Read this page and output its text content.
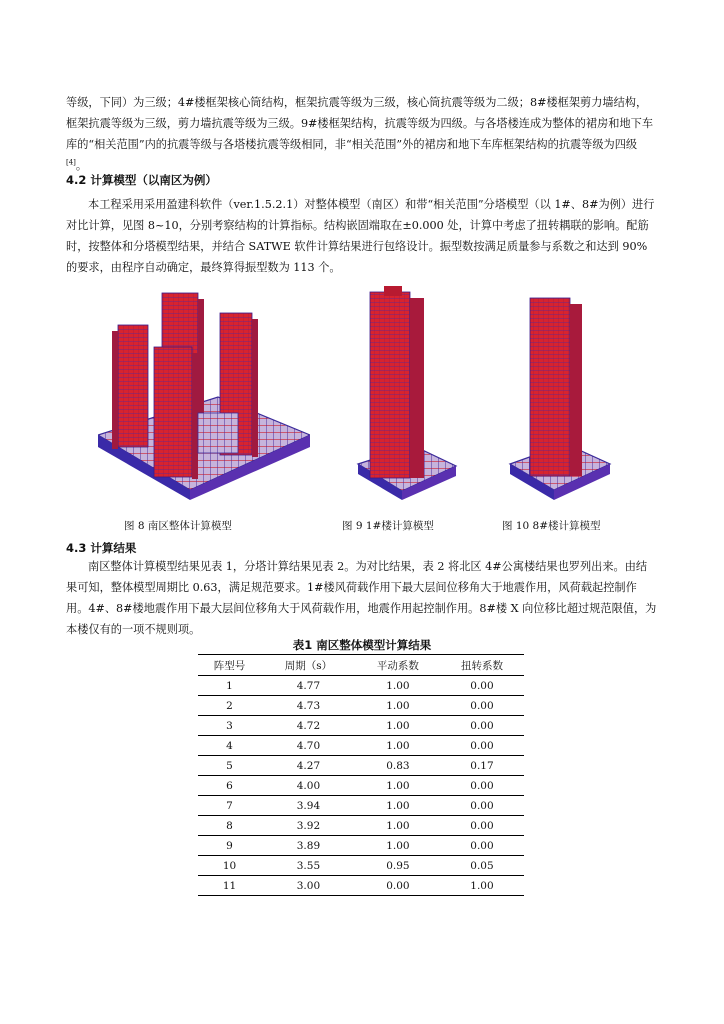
等级，下同）为三级；4#楼框架核心筒结构，框架抗震等级为三级，核心筒抗震等级为二级；8#楼框架剪力墙结构，框架抗震等级为三级，剪力墙抗震等级为三级。9#楼框架结构，抗震等级为四级。与各塔楼连成为整体的裙房和地下车库的“相关范围”内的抗震等级与各塔楼抗震等级相同，非“相关范围”外的裙房和地下车库框架结构的抗震等级为四级[4]。

4.2 计算模型（以南区为例）

本工程采用采用盈建科软件（ver.1.5.2.1）对整体模型（南区）和带“相关范围”分塔模型（以 1#、8#为例）进行对比计算，见图 8~10，分别考察结构的计算指标。结构嵌固端取在±0.000 处，计算中考虑了扭转耦联的影响。配筋时，按整体和分塔模型结果，并结合 SATWE 软件计算结果进行包络设计。振型数按满足质量参与系数之和达到 90%的要求，由程序自动确定，最终算得振型数为 113 个。

图 8 南区整体计算模型	图 9 1#楼计算模型	图 10 8#楼计算模型

4.3 计算结果

南区整体计算模型结果见表 1，分塔计算结果见表 2。为对比结果，表 2 将北区 4#公寓楼结果也罗列出来。由结果可知，整体模型周期比 0.63，满足规范要求。1#楼风荷载作用下最大层间位移角大于地震作用，风荷载起控制作用。4#、8#楼地震作用下最大层间位移角大于风荷载作用，地震作用起控制作用。8#楼 X 向位移比超过规范限值，为本楼仅有的一项不规则项。

表1 南区整体模型计算结果

阵型号	周期（s）	平动系数	扭转系数
1	4.77	1.00	0.00
2	4.73	1.00	0.00
3	4.72	1.00	0.00
4	4.70	1.00	0.00
5	4.27	0.83	0.17
6	4.00	1.00	0.00
7	3.94	1.00	0.00
8	3.92	1.00	0.00
9	3.89	1.00	0.00
10	3.55	0.95	0.05
11	3.00	0.00	1.00
